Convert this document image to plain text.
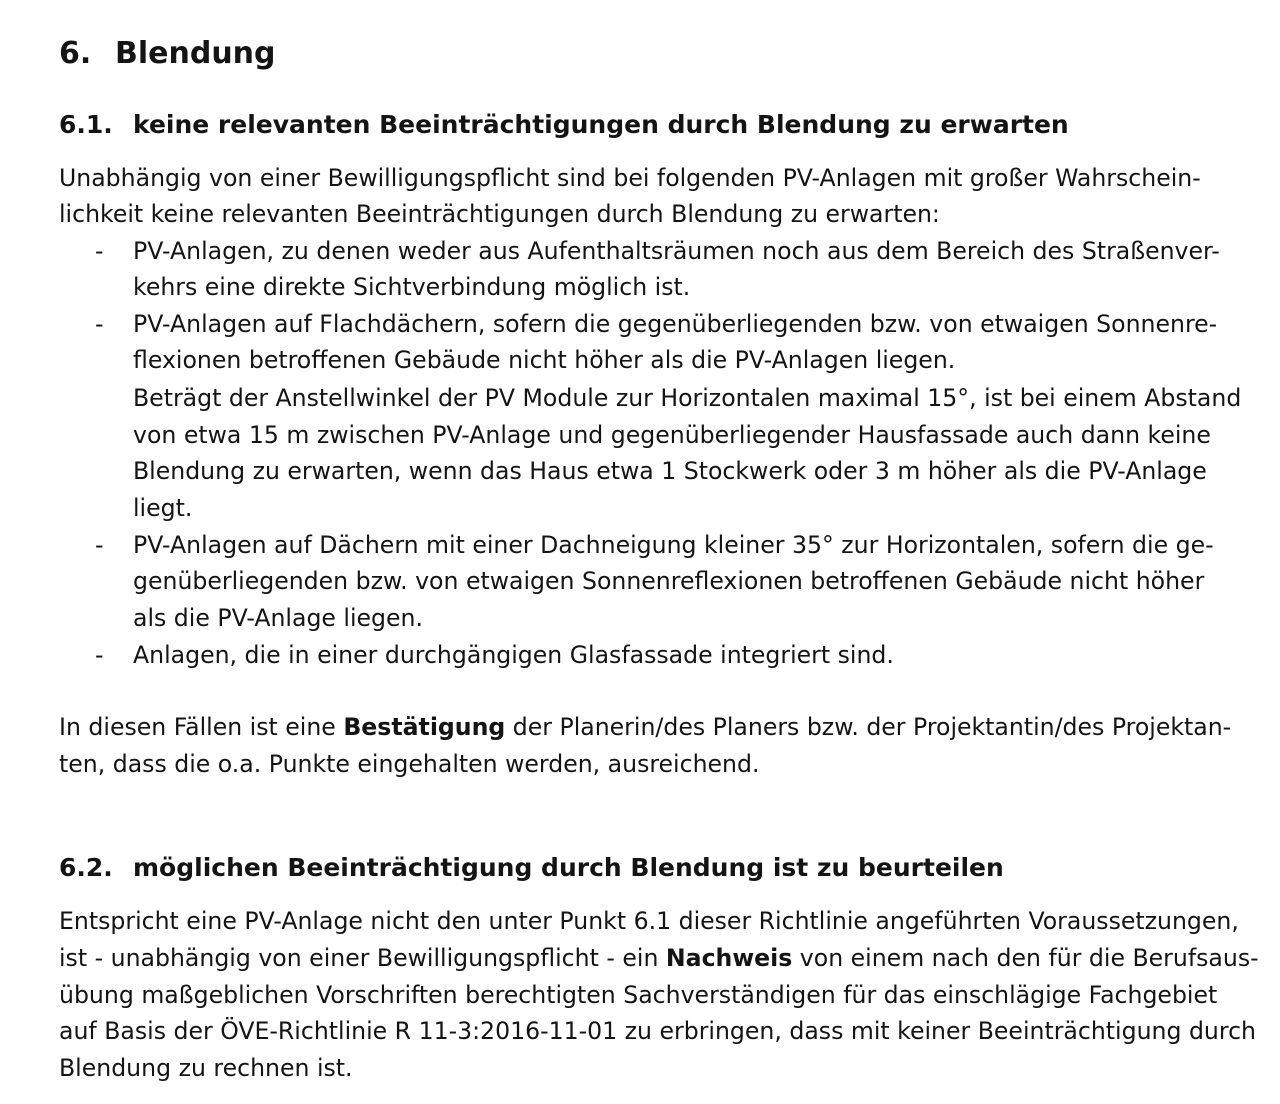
6. Blendung
6.1. keine relevanten Beeinträchtigungen durch Blendung zu erwarten
Unabhängig von einer Bewilligungspflicht sind bei folgenden PV-Anlagen mit großer Wahrschein-
lichkeit keine relevanten Beeinträchtigungen durch Blendung zu erwarten:
- PV-Anlagen, zu denen weder aus Aufenthaltsräumen noch aus dem Bereich des Straßenver-
kehrs eine direkte Sichtverbindung möglich ist.
- PV-Anlagen auf Flachdächern, sofern die gegenüberliegenden bzw. von etwaigen Sonnenre-
flexionen betroffenen Gebäude nicht höher als die PV-Anlagen liegen.
Beträgt der Anstellwinkel der PV Module zur Horizontalen maximal 15°, ist bei einem Abstand
von etwa 15 m zwischen PV-Anlage und gegenüberliegender Hausfassade auch dann keine
Blendung zu erwarten, wenn das Haus etwa 1 Stockwerk oder 3 m höher als die PV-Anlage
liegt.
- PV-Anlagen auf Dächern mit einer Dachneigung kleiner 35° zur Horizontalen, sofern die ge-
genüberliegenden bzw. von etwaigen Sonnenreflexionen betroffenen Gebäude nicht höher
als die PV-Anlage liegen.
- Anlagen, die in einer durchgängigen Glasfassade integriert sind.
In diesen Fällen ist eine Bestätigung der Planerin/des Planers bzw. der Projektantin/des Projektan-
ten, dass die o.a. Punkte eingehalten werden, ausreichend.
6.2. möglichen Beeinträchtigung durch Blendung ist zu beurteilen
Entspricht eine PV-Anlage nicht den unter Punkt 6.1 dieser Richtlinie angeführten Voraussetzungen,
ist - unabhängig von einer Bewilligungspflicht - ein Nachweis von einem nach den für die Berufsaus-
übung maßgeblichen Vorschriften berechtigten Sachverständigen für das einschlägige Fachgebiet
auf Basis der ÖVE-Richtlinie R 11-3:2016-11-01 zu erbringen, dass mit keiner Beeinträchtigung durch
Blendung zu rechnen ist.
